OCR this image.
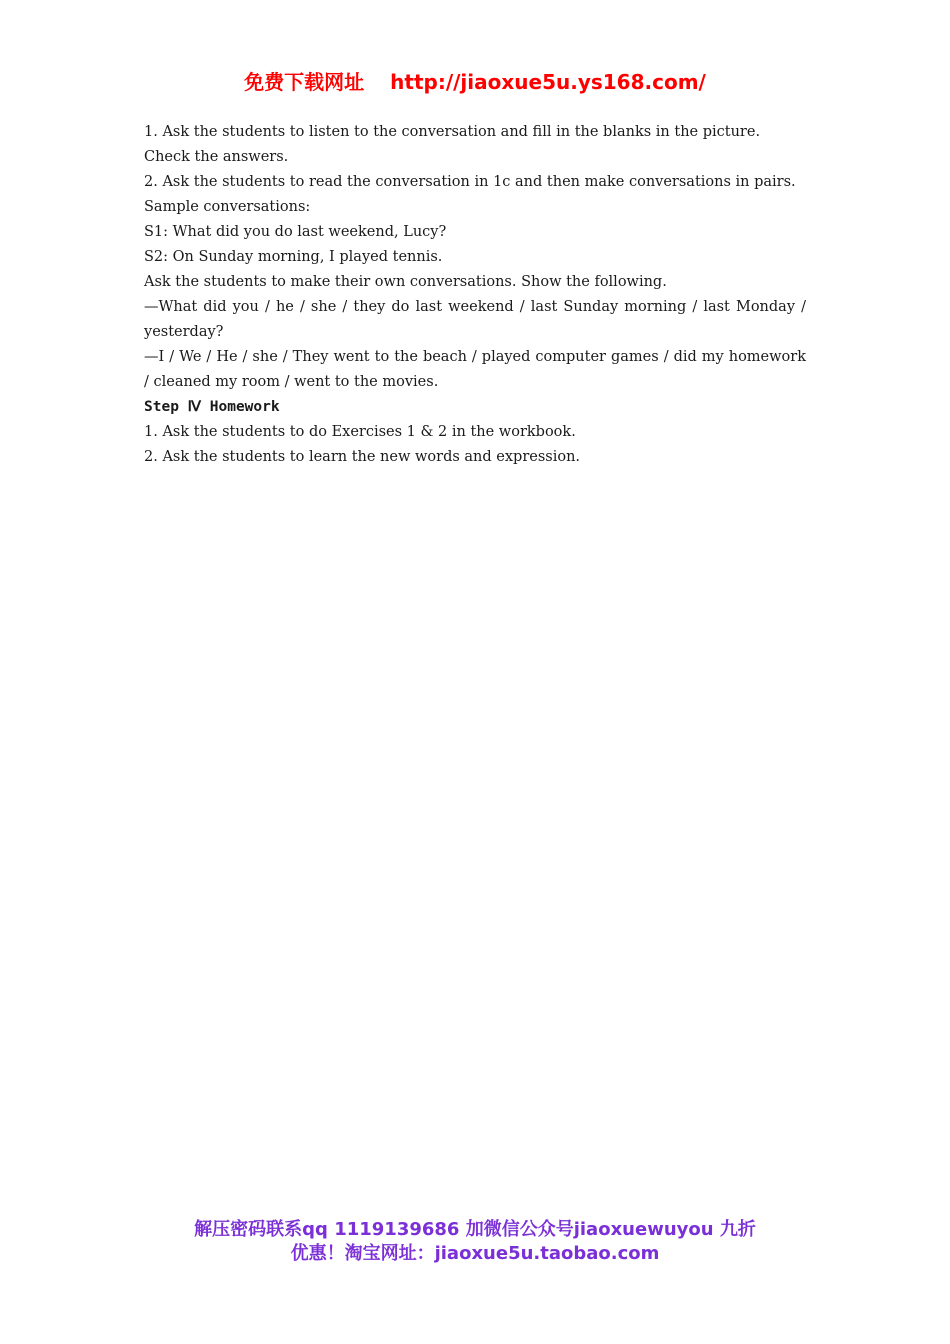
免费下载网址 http://jiaoxue5u.ys168.com/

1. Ask the students to listen to the conversation and fill in the blanks in the picture.

Check the answers.

2. Ask the students to read the conversation in 1c and then make conversations in pairs.

Sample conversations:

S1: What did you do last weekend, Lucy?

S2: On Sunday morning, I played tennis.

Ask the students to make their own conversations. Show the following.

—What did you / he / she / they do last weekend / last Sunday morning / last Monday / yesterday?

—I / We / He / she / They went to the beach / played computer games / did my homework / cleaned my room / went to the movies.

Step Ⅳ Homework

1. Ask the students to do Exercises 1 & 2 in the workbook.

2. Ask the students to learn the new words and expression.

解压密码联系qq 1119139686 加微信公众号jiaoxuewuyou 九折
优惠！淘宝网址：jiaoxue5u.taobao.com
